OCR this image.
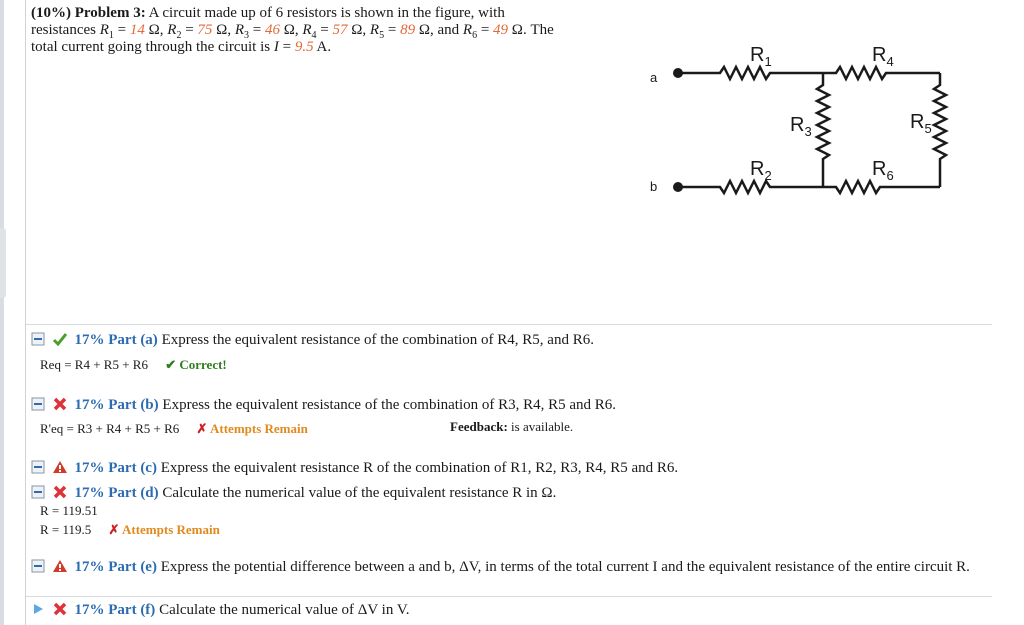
(10%) Problem 3: A circuit made up of 6 resistors is shown in the figure, with
resistances $R_1 = 14$ Ω, $R_2 = 75$ Ω, $R_3 = 46$ Ω, $R_4 = 57$ Ω, $R_5 = 89$ Ω, and $R_6 = 49$ Ω. The
total current going through the circuit is I = 9.5 A.
a
b
$R_1$	$R_4$
$R_3$	$R_5$
$R_2$	$R_6$
17% Part (a) Express the equivalent resistance of the combination of R4, R5, and R6.
Req = R4 + R5 + R6 ✔ Correct!
17% Part (b) Express the equivalent resistance of the combination of R3, R4, R5 and R6.
R'eq = R3 + R4 + R5 + R6 ✗ Attempts Remain	Feedback: is available.
17% Part (c) Express the equivalent resistance R of the combination of R1, R2, R3, R4, R5 and R6.
17% Part (d) Calculate the numerical value of the equivalent resistance R in Ω.
R = 119.51
R = 119.5 ✗ Attempts Remain
17% Part (e) Express the potential difference between a and b, ΔV, in terms of the total current I and the equivalent resistance of the entire circuit R.
17% Part (f) Calculate the numerical value of ΔV in V.
